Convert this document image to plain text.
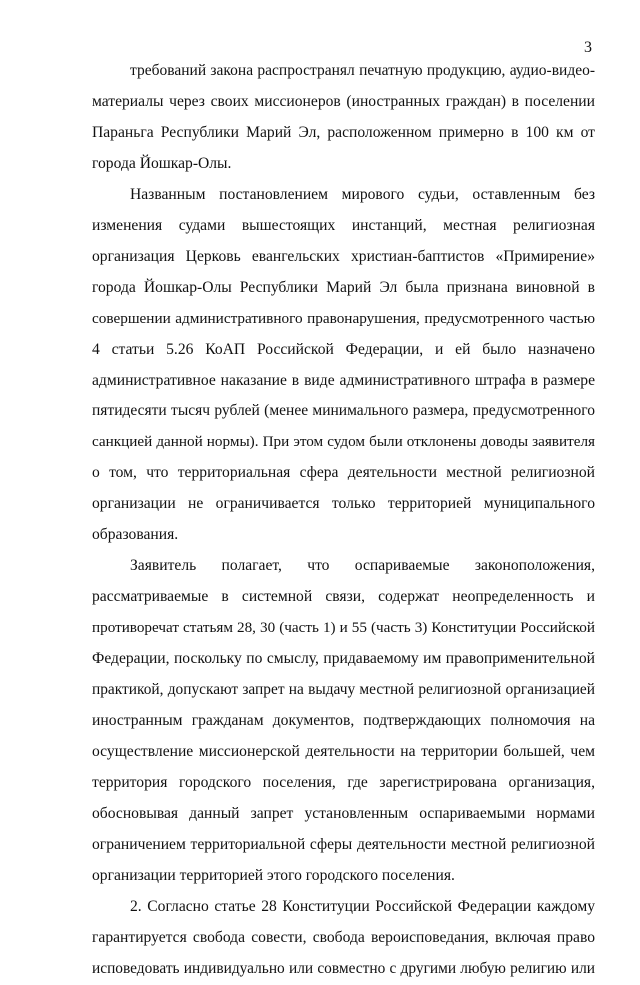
3
требований закона распространял печатную продукцию, аудио-видео-
материалы через своих миссионеров (иностранных граждан) в поселении
Параньга Республики Марий Эл, расположенном примерно в 100 км от
города Йошкар-Олы.
Названным постановлением мирового судьи, оставленным без
изменения судами вышестоящих инстанций, местная религиозная
организация Церковь евангельских христиан-баптистов «Примирение»
города Йошкар-Олы Республики Марий Эл была признана виновной в
совершении административного правонарушения, предусмотренного частью
4 статьи 5.26 КоАП Российской Федерации, и ей было назначено
административное наказание в виде административного штрафа в размере
пятидесяти тысяч рублей (менее минимального размера, предусмотренного
санкцией данной нормы). При этом судом были отклонены доводы заявителя
о том, что территориальная сфера деятельности местной религиозной
организации не ограничивается только территорией муниципального
образования.
Заявитель полагает, что оспариваемые законоположения,
рассматриваемые в системной связи, содержат неопределенность и
противоречат статьям 28, 30 (часть 1) и 55 (часть 3) Конституции Российской
Федерации, поскольку по смыслу, придаваемому им правоприменительной
практикой, допускают запрет на выдачу местной религиозной организацией
иностранным гражданам документов, подтверждающих полномочия на
осуществление миссионерской деятельности на территории большей, чем
территория городского поселения, где зарегистрирована организация,
обосновывая данный запрет установленным оспариваемыми нормами
ограничением территориальной сферы деятельности местной религиозной
организации территорией этого городского поселения.
2. Согласно статье 28 Конституции Российской Федерации каждому
гарантируется свобода совести, свобода вероисповедания, включая право
исповедовать индивидуально или совместно с другими любую религию или
